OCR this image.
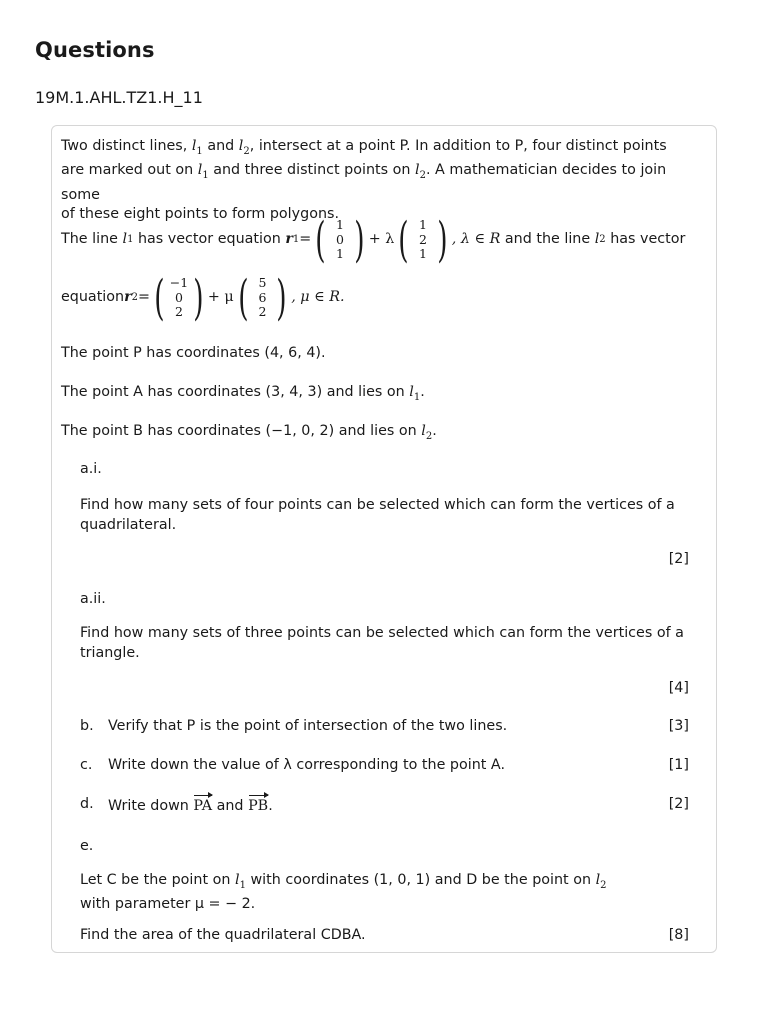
Questions
19M.1.AHL.TZ1.H_11

Two distinct lines, $l_1$ and $l_2$, intersect at a point P. In addition to P, four distinct points
are marked out on $l_1$ and three distinct points on $l_2$. A mathematician decides to join some
of these eight points to form polygons.

The line
l 1
has vector equation
r 1 = ( 1
0
1 ) + λ ( 1
2
1 ) , λ ∈ R
and the line
l 2
has vector
equation r 2 = ( −1
0
2 ) + μ ( 5
6
2 ) , μ ∈ R.

The point P has coordinates (4, 6, 4).

The point A has coordinates (3, 4, 3) and lies on $l_1$.

The point B has coordinates (−1, 0, 2) and lies on $l_2$.

a.i.

Find how many sets of four points can be selected which can form the vertices of a quadrilateral.

[2]
a.ii.

Find how many sets of three points can be selected which can form the vertices of a triangle.

[4]
b. Verify that P is the point of intersection of the two lines.	[3]
c. Write down the value of λ corresponding to the point A.	[1]
d. Write down PA and PB.	[2]
e.

Let C be the point on $l_1$ with coordinates (1, 0, 1) and D be the point on $l_2$
with parameter μ = − 2.

Find the area of the quadrilateral CDBA.	[8]
